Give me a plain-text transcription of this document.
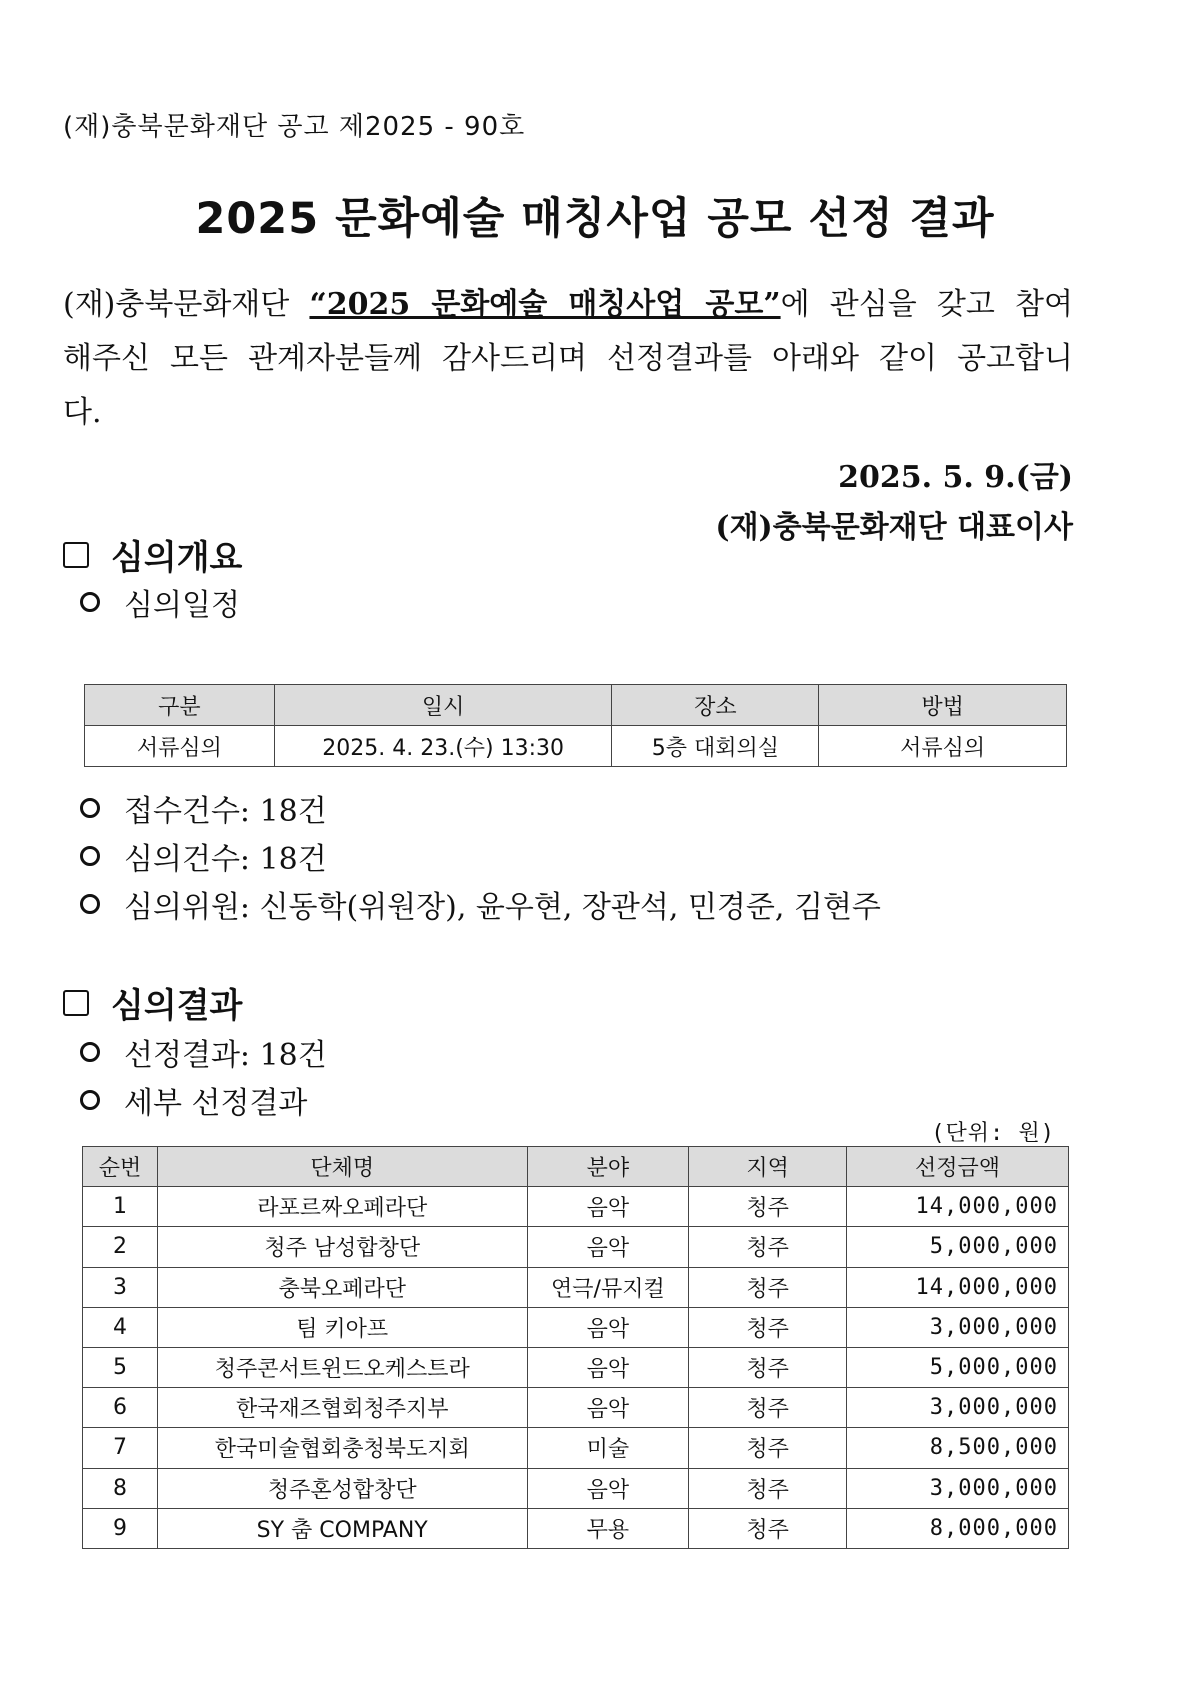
(재)충북문화재단 공고 제2025 - 90호
2025 문화예술 매칭사업 공모 선정 결과
(재)충북문화재단 “2025 문화예술 매칭사업 공모”에 관심을 갖고 참여해주신 모든 관계자분들께 감사드리며 선정결과를 아래와 같이 공고합니다.
2025. 5. 9.(금)
(재)충북문화재단 대표이사
심의개요
심의일정
구분	일시	장소	방법
서류심의	2025. 4. 23.(수) 13:30	5층 대회의실	서류심의
접수건수: 18건
심의건수: 18건
심의위원: 신동학(위원장), 윤우현, 장관석, 민경준, 김현주
심의결과
선정결과: 18건
세부 선정결과
(단위: 원)
순번	단체명	분야	지역	선정금액
1	라포르짜오페라단	음악	청주	14,000,000
2	청주 남성합창단	음악	청주	5,000,000
3	충북오페라단	연극/뮤지컬	청주	14,000,000
4	팀 키아프	음악	청주	3,000,000
5	청주콘서트윈드오케스트라	음악	청주	5,000,000
6	한국재즈협회청주지부	음악	청주	3,000,000
7	한국미술협회충청북도지회	미술	청주	8,500,000
8	청주혼성합창단	음악	청주	3,000,000
9	SY 춤 COMPANY	무용	청주	8,000,000
